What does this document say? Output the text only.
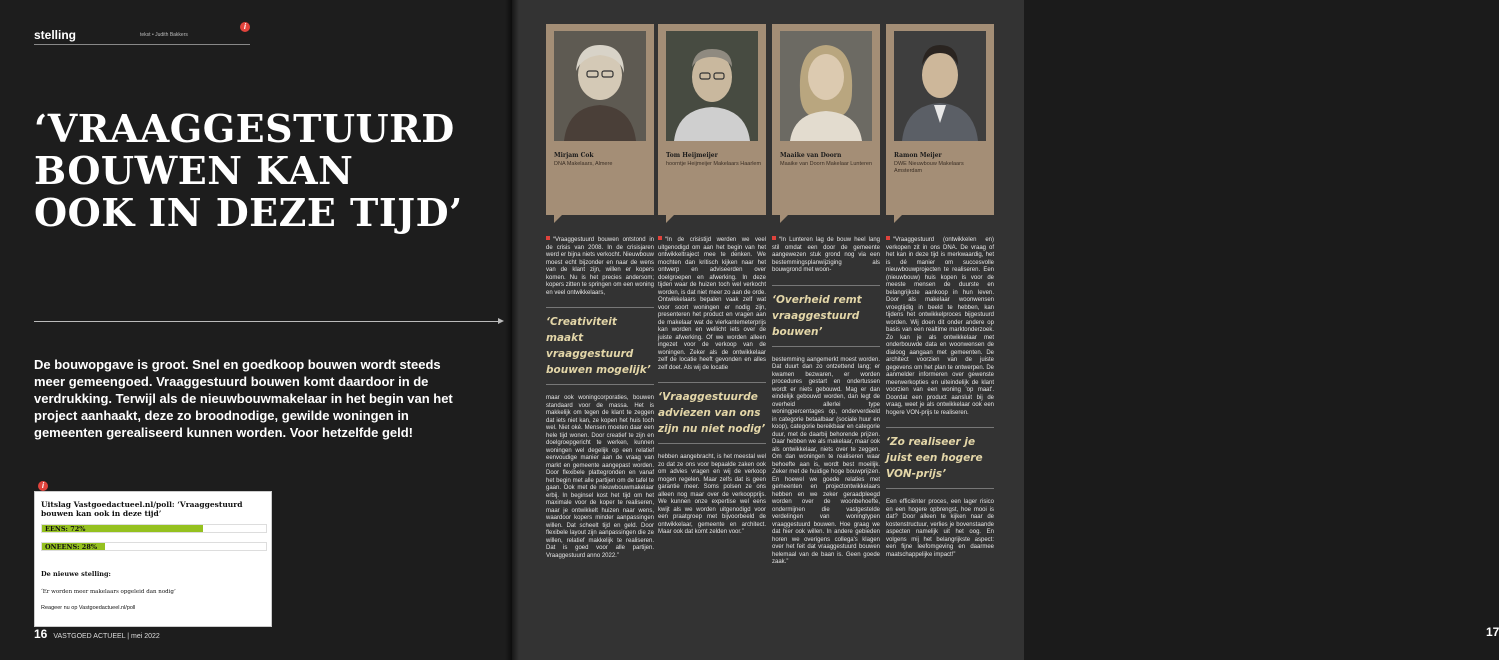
stelling	tekst • Judith Bakkers
i
‘VRAAGGESTUURD
BOUWEN KAN
OOK IN DEZE TIJD’
De bouwopgave is groot. Snel en goedkoop bouwen wordt steeds meer gemeengoed. Vraaggestuurd bouwen komt daardoor in de verdrukking. Terwijl als de nieuwbouwmakelaar in het begin van het project aanhaakt, deze zo broodnodige, gewilde woningen in gemeenten gerealiseerd kunnen worden. Voor hetzelfde geld!
i
Uitslag Vastgoedactueel.nl/poll: ‘Vraaggestuurd bouwen kan ook in deze tijd’
EENS: 72%
ONEENS: 28%
De nieuwe stelling:
‘Er worden meer makelaars opgeleid dan nodig’
Reageer nu op Vastgoedactueel.nl/poll
16 VASTGOED ACTUEEL | mei 2022
Mirjam Cok
DNA Makelaars, Almere
Tom Heijmeijer
hoorntje Heijmeijer Makelaars Haarlem
Maaike van Doorn
Maaike van Doorn Makelaar Lunteren
Ramon Meijer
DWE Nieuwbouw Makelaars Amsterdam

“Vraaggestuurd bouwen ontstond in de crisis van 2008. In de crisisjaren werd er bijna niets verkocht. Nieuwbouw moest echt bijzonder en naar de wens van de klant zijn, willen er kopers komen. Nu is het precies andersom; kopers zitten te springen om een woning en veel ontwikkelaars,

‘Creativiteit maakt vraaggestuurd bouwen mogelijk’

maar ook woningcorporaties, bouwen standaard voor de massa. Het is makkelijk om tegen de klant te zeggen dat iets niet kan, ze kopen het huis toch wel. Niet oké. Mensen moeten daar een hele tijd wonen. Door creatief te zijn en doelgroepgericht te werken, kunnen woningen wel degelijk op een relatief eenvoudige manier aan de vraag van markt en gemeente aangepast worden. Door flexibele plattegronden en vanaf het begin met alle partijen om de tafel te gaan. Ook met de nieuwbouwmakelaar erbij. In beginsel kost het tijd om het maximale voor de koper te realiseren, maar je ontwikkelt huizen naar wens, waardoor kopers minder aanpassingen willen. Dat scheelt tijd en geld. Door flexibele layout zijn aanpassingen die ze willen, relatief makkelijk te realiseren. Dat is goed voor alle partijen. Vraaggestuurd anno 2022.”

“In de crisistijd werden we veel uitgenodigd om aan het begin van het ontwikkeltraject mee te denken. We mochten dan kritisch kijken naar het ontwerp en adviseerden over doelgroepen en afwerking. In deze tijden waar de huizen toch wel verkocht worden, is dat niet meer zo aan de orde. Ontwikkelaars bepalen vaak zelf wat voor soort woningen er nodig zijn, presenteren het product en vragen aan de makelaar wat de vierkantemeterprijs kan worden en wellicht iets over de juiste afwerking. Of we worden alleen ingezet voor de verkoop van de woningen. Zeker als de ontwikkelaar zelf de locatie heeft gevonden en alles zelf doet. Als wij de locatie

‘Vraaggestuurde adviezen van ons zijn nu niet nodig’

hebben aangebracht, is het meestal wel zo dat ze ons voor bepaalde zaken ook om advies vragen en wij de verkoop mogen regelen. Maar zelfs dat is geen garantie meer. Soms polsen ze ons alleen nog maar over de verkoopprijs. We kunnen onze expertise wel eens kwijt als we worden uitgenodigd voor een praatgroep met bijvoorbeeld de ontwikkelaar, gemeente en architect. Maar ook dat komt zelden voor.”

“In Lunteren lag de bouw heel lang stil omdat een door de gemeente aangewezen stuk grond nog via een bestemmingsplanwijziging als bouwgrond met woon-

‘Overheid remt vraaggestuurd bouwen’

bestemming aangemerkt moest worden. Dat duurt dan zo ontzettend lang; er kwamen bezwaren, er worden procedures gestart en ondertussen wordt er niets gebouwd. Mag er dan eindelijk gebouwd worden, dan legt de overheid allerlei type woningpercentages op, onderverdeeld in categorie betaalbaar (sociale huur en koop), categorie bereikbaar en categorie duur, met de daarbij behorende prijzen. Daar hebben we als makelaar, maar ook als ontwikkelaar, niets over te zeggen. Om dan woningen te realiseren waar behoefte aan is, wordt best moeilijk. Zeker met de huidige hoge bouwprijzen. En hoewel we goede relaties met gemeenten en projectontwikkelaars hebben en we zeker geraadpleegd worden over de woonbehoefte, ondermijnen die vastgestelde verdelingen van woningtypen vraaggestuurd bouwen. Hoe graag we dat hier ook willen. In andere gebieden horen we overigens collega's klagen over het feit dat vraaggestuurd bouwen helemaal van de baan is. Geen goede zaak.”

“Vraaggestuurd (ontwikkelen en) verkopen zit in ons DNA. De vraag of het kan in deze tijd is merkwaardig, het is dé manier om succesvolle nieuwbouwprojecten te realiseren. Een (nieuwbouw) huis kopen is voor de meeste mensen de duurste en belangrijkste aankoop in hun leven. Door als makelaar woonwensen vroegtijdig in beeld te hebben, kan tijdens het ontwikkelproces bijgestuurd worden. Wij doen dit onder andere op basis van een realtime marktonderzoek. Zo kan je als ontwikkelaar met onderbouwde data en woonwensen de dialoog aangaan met gemeenten. De architect voorzien van de juiste gegevens om het plan te ontwerpen. De aanmelder informeren over gewenste meerwerkopties en uiteindelijk de klant voorzien van een woning 'op maat'. Doordat een product aansluit bij de vraag, weet je als ontwikkelaar ook een hogere VON-prijs te realiseren.

‘Zo realiseer je juist een hogere VON-prijs’

Een efficiënter proces, een lager risico en een hogere opbrengst, hoe mooi is dat? Door alleen te kijken naar de kostenstructuur, verlies je bovenstaande aspecten namelijk uit het oog. En volgens mij het belangrijkste aspect: een fijne leefomgeving en daarmee maatschappelijke impact!”

17
